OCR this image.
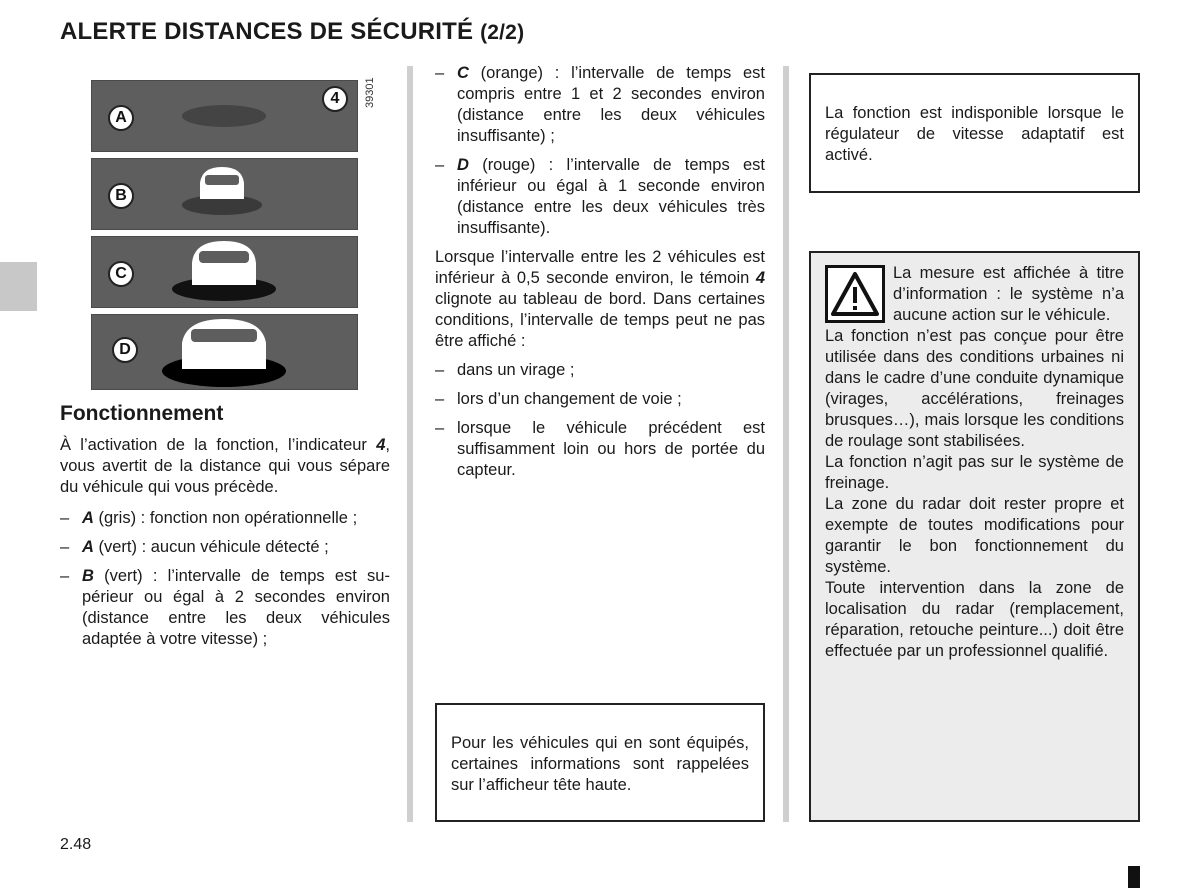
ALERTE DISTANCES DE SÉCURITÉ (2/2)
A
4
B
C
D
39301
Fonctionnement

À l’activation de la fonction, l’indicateur 4, vous avertit de la distance qui vous sépare du véhicule qui vous précède.

– A (gris) : fonction non opérationnelle ;
– A (vert) : aucun véhicule détecté ;
– B (vert) : l’intervalle de temps est supérieur ou égal à 2 secondes environ (distance entre les deux véhicules adaptée à votre vitesse) ;
– C (orange) : l’intervalle de temps est compris entre 1 et 2 secondes environ (distance entre les deux véhicules insuffisante) ;
– D (rouge) : l’intervalle de temps est inférieur ou égal à 1 seconde environ (distance entre les deux véhicules très insuffisante).

Lorsque l’intervalle entre les 2 véhicules est inférieur à 0,5 seconde environ, le témoin 4 clignote au tableau de bord. Dans certaines conditions, l’intervalle de temps peut ne pas être affiché :

– dans un virage ;
– lors d’un changement de voie ;
– lorsque le véhicule précédent est suffisamment loin ou hors de portée du capteur.

Pour les véhicules qui en sont équipés, certaines informations sont rappelées sur l’afficheur tête haute.

La fonction est indisponible lorsque le régulateur de vitesse adaptatif est activé.

La mesure est affichée à titre d’information : le système n’a aucune action sur le véhicule.

La fonction n’est pas conçue pour être utilisée dans des conditions urbaines ni dans le cadre d’une conduite dynamique (virages, accélérations, freinages brusques…), mais lorsque les conditions de roulage sont stabilisées.

La fonction n’agit pas sur le système de freinage.

La zone du radar doit rester propre et exempte de toutes modifications pour garantir le bon fonctionnement du système.

Toute intervention dans la zone de localisation du radar (remplacement, réparation, retouche peinture...) doit être effectuée par un professionnel qualifié.

2.48
